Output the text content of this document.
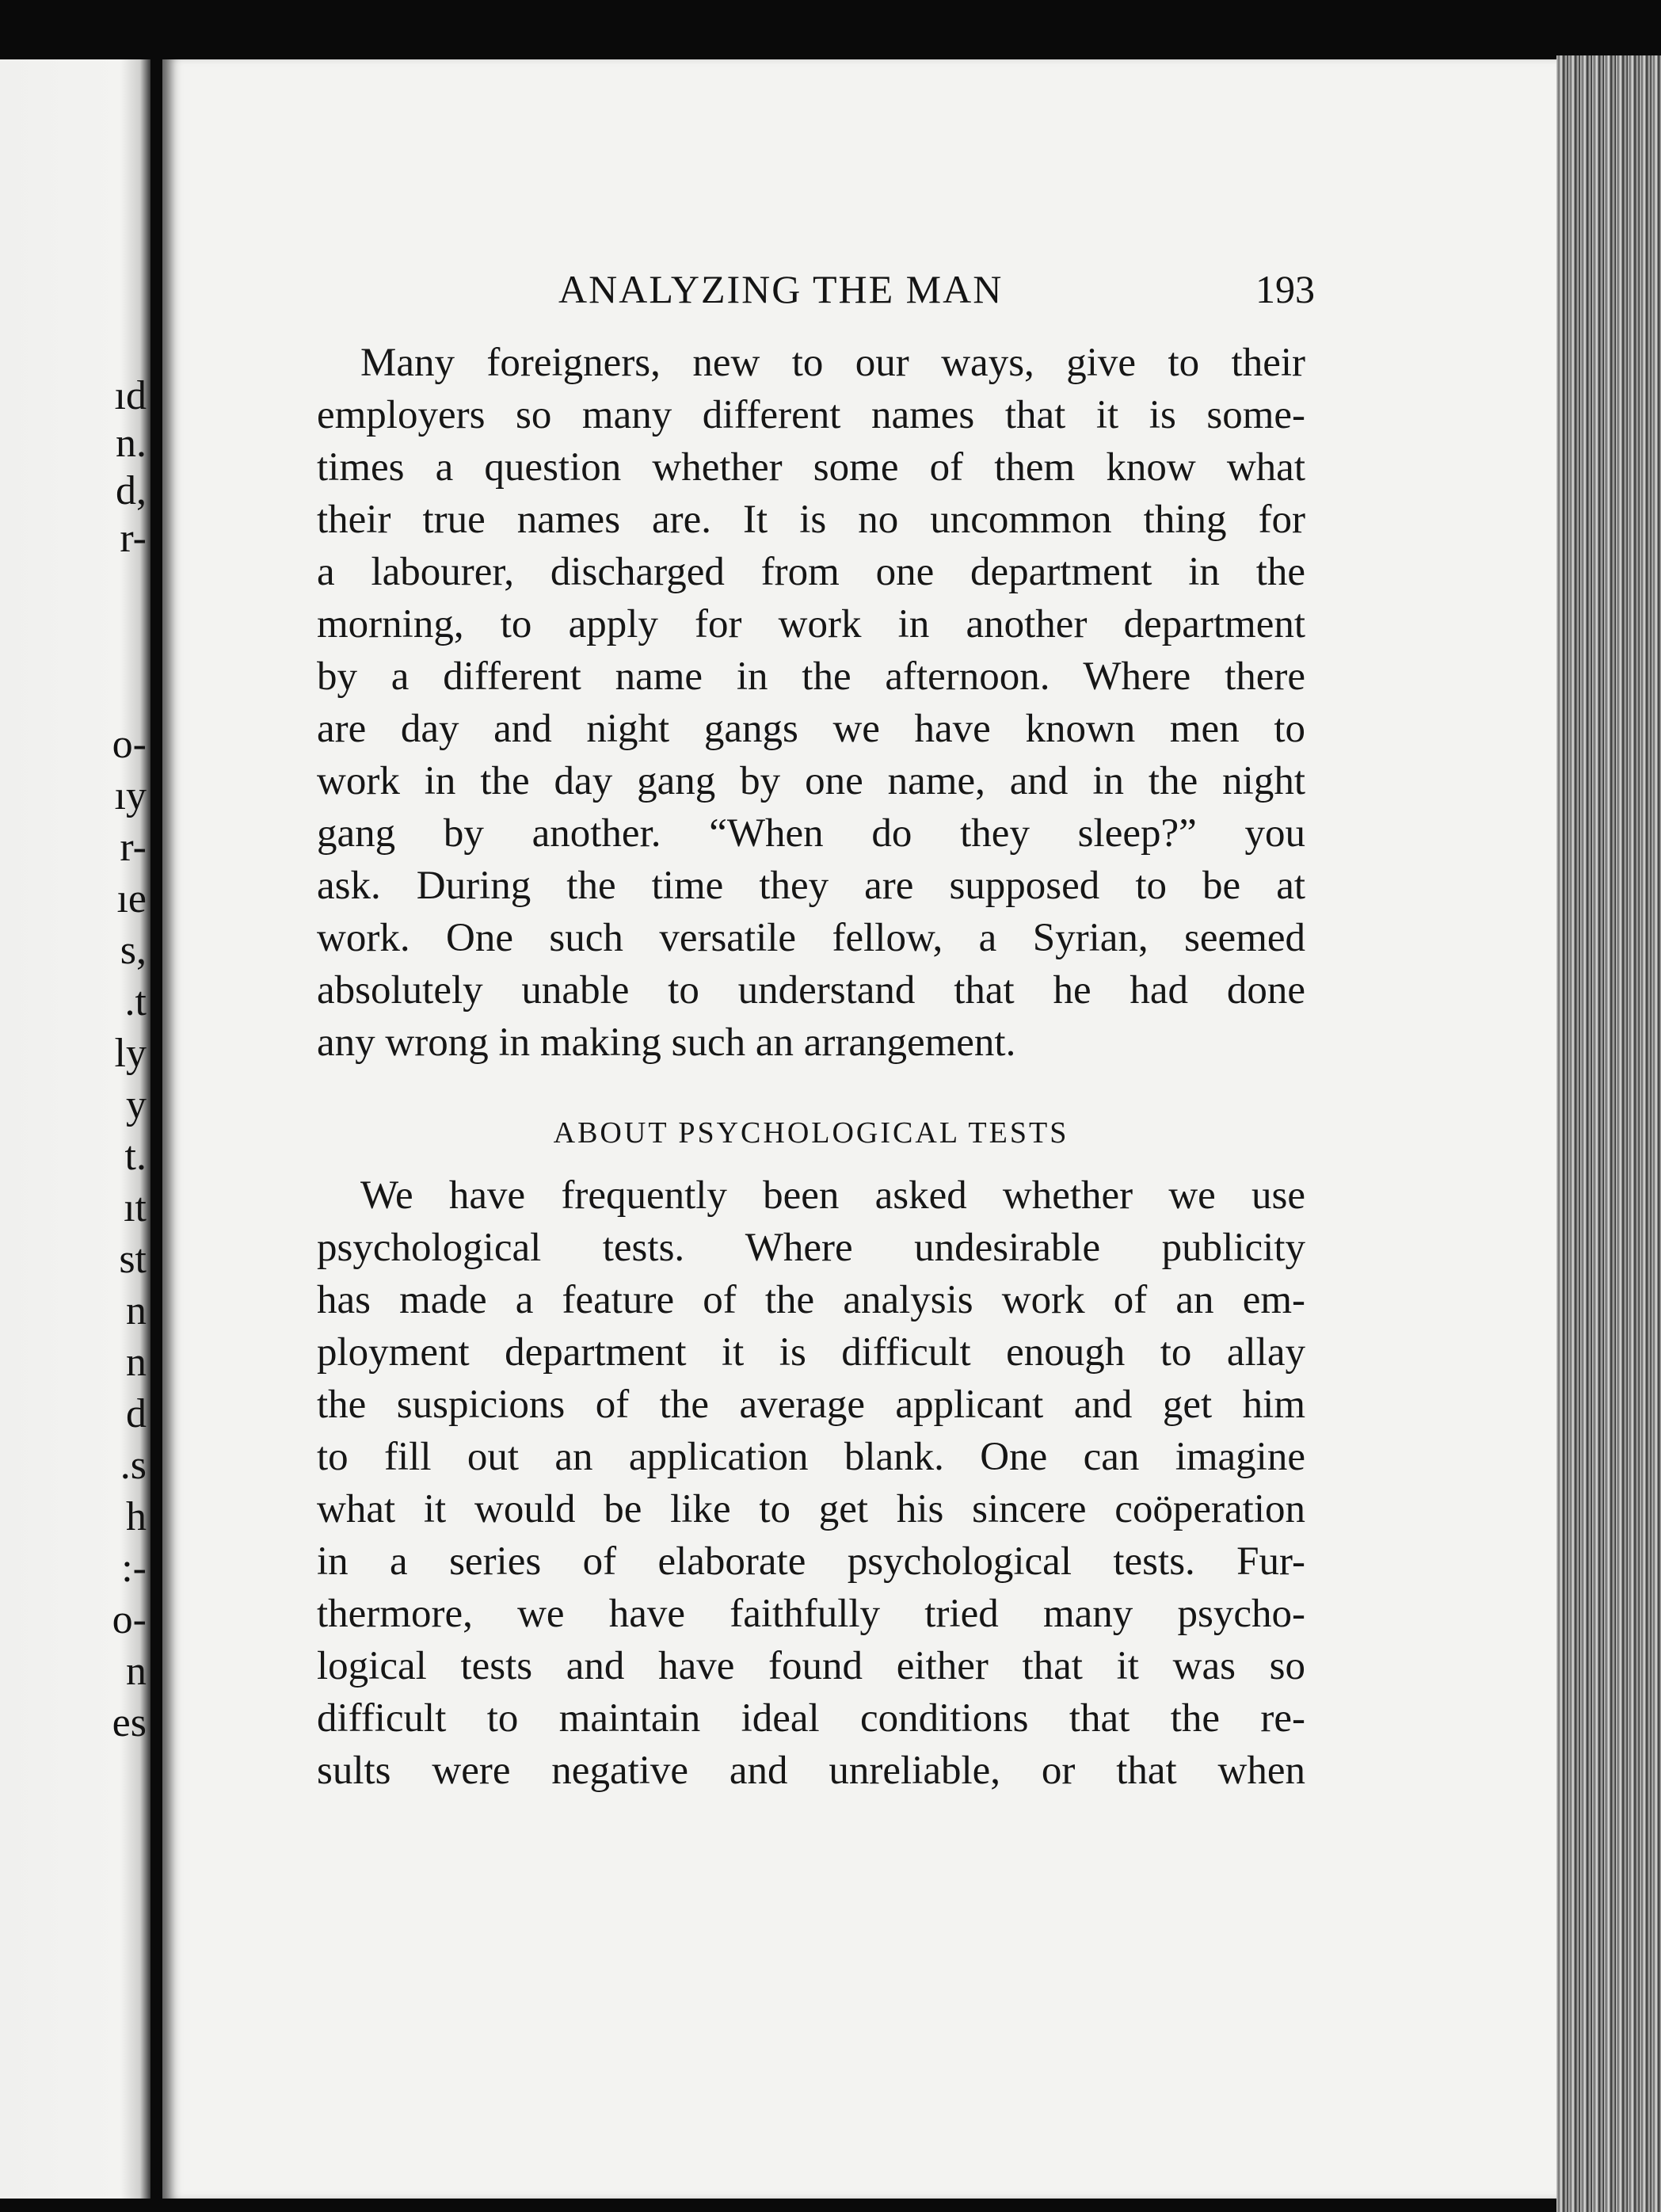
ıd
n.
d,
r-
o-
ıy
r-
ıe
s,
.t
ly
y
t.
ıt
st
n
n
d
.s
h
:-
o-
n
es
ANALYZING THE MAN	193
Many foreigners, new to our ways, give to their
employers so many different names that it is some-
times a question whether some of them know what
their true names are. It is no uncommon thing for
a labourer, discharged from one department in the
morning, to apply for work in another department
by a different name in the afternoon. Where there
are day and night gangs we have known men to
work in the day gang by one name, and in the night
gang by another. “When do they sleep?” you
ask. During the time they are supposed to be at
work. One such versatile fellow, a Syrian, seemed
absolutely unable to understand that he had done
any wrong in making such an arrangement.
ABOUT PSYCHOLOGICAL TESTS
We have frequently been asked whether we use
psychological tests. Where undesirable publicity
has made a feature of the analysis work of an em-
ployment department it is difficult enough to allay
the suspicions of the average applicant and get him
to fill out an application blank. One can imagine
what it would be like to get his sincere coöperation
in a series of elaborate psychological tests. Fur-
thermore, we have faithfully tried many psycho-
logical tests and have found either that it was so
difficult to maintain ideal conditions that the re-
sults were negative and unreliable, or that when
